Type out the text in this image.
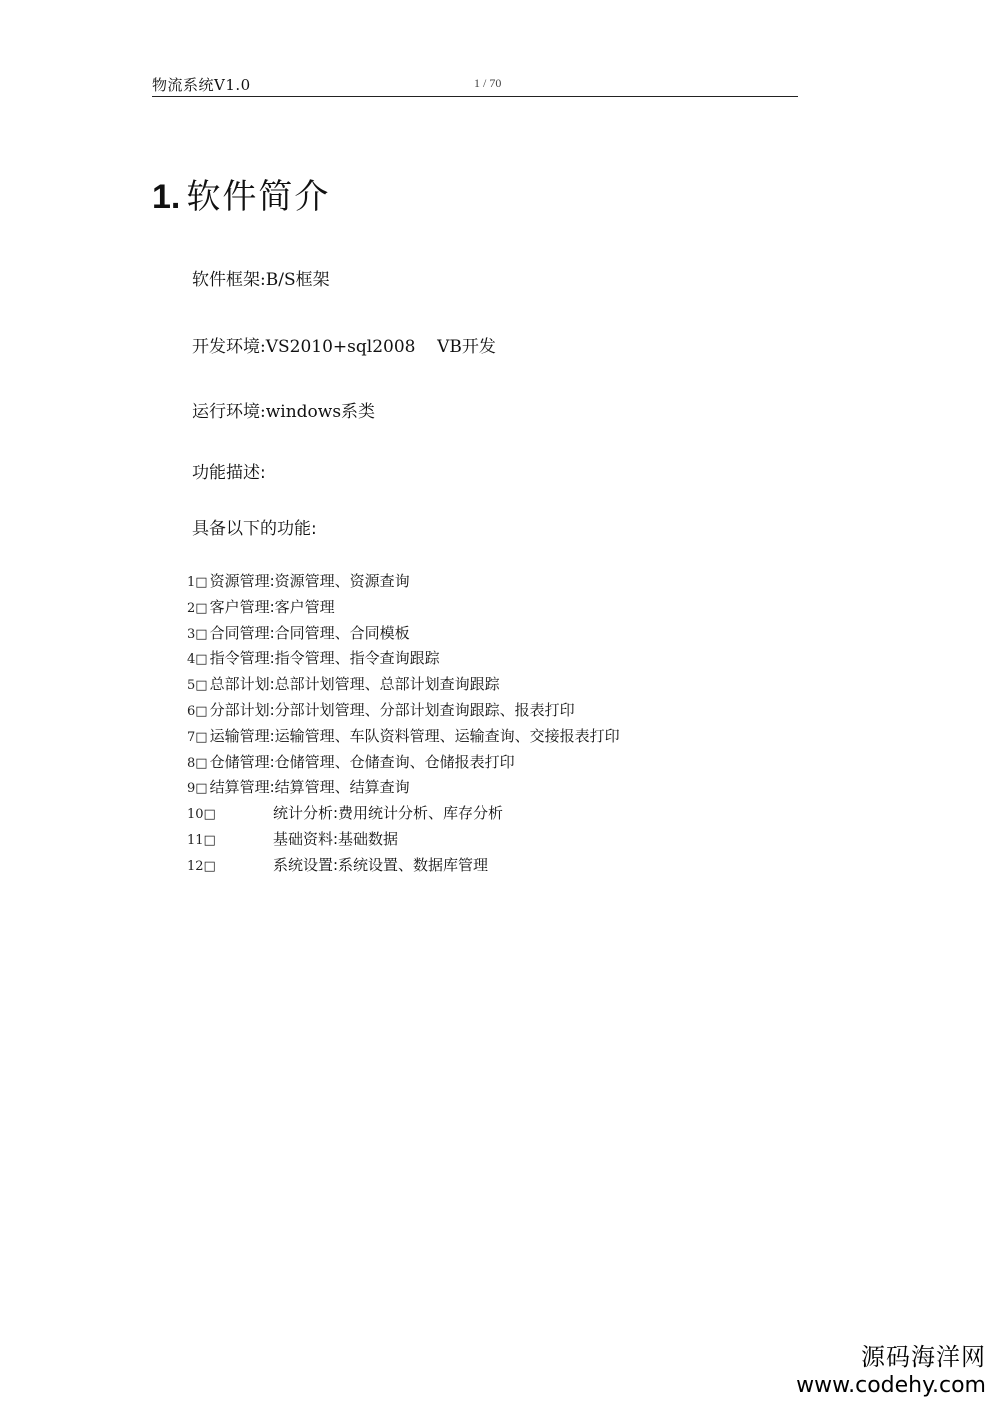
物流系统V1.0	1 / 70
1. 软件简介
软件框架:B/S框架
开发环境:VS2010+sql2008    VB开发
运行环境:windows系类
功能描述:
具备以下的功能:
1□ 资源管理:资源管理、资源查询
2□ 客户管理:客户管理
3□ 合同管理:合同管理、合同模板
4□ 指令管理:指令管理、指令查询跟踪
5□ 总部计划:总部计划管理、总部计划查询跟踪
6□ 分部计划:分部计划管理、分部计划查询跟踪、报表打印
7□ 运输管理:运输管理、车队资料管理、运输查询、交接报表打印
8□ 仓储管理:仓储管理、仓储查询、仓储报表打印
9□ 结算管理:结算管理、结算查询
10□	统计分析:费用统计分析、库存分析
11□	基础资料:基础数据
12□	系统设置:系统设置、数据库管理
源码海洋网
www.codehy.com
